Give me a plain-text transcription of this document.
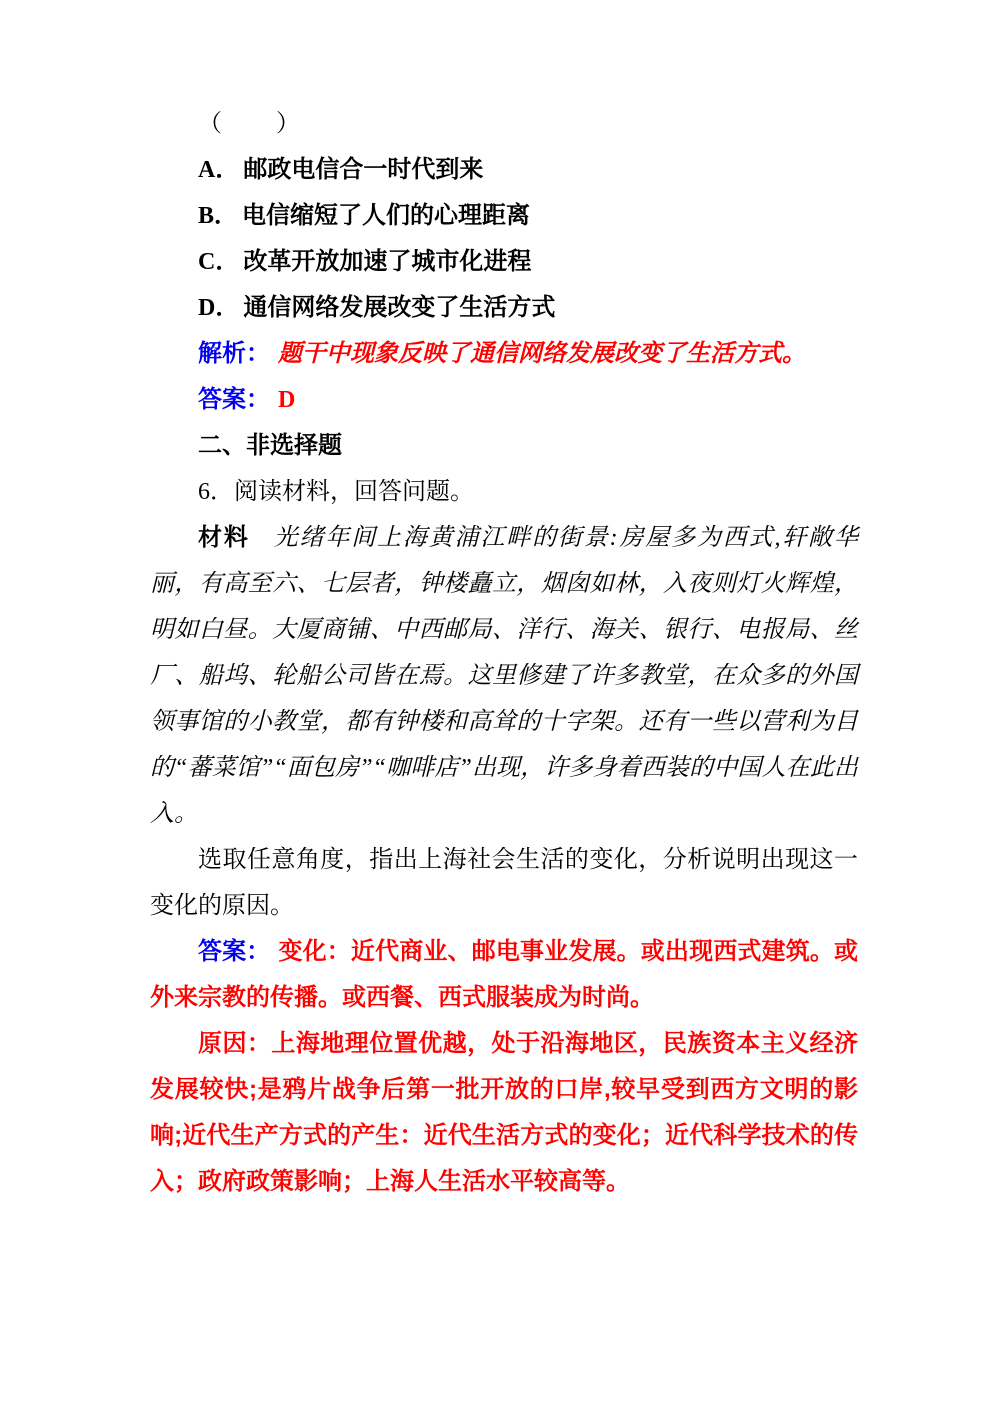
（　　）

A． 邮政电信合一时代到来

B． 电信缩短了人们的心理距离

C． 改革开放加速了城市化进程

D． 通信网络发展改变了生活方式

解析： 题干中现象反映了通信网络发展改变了生活方式。

答案： D

二、非选择题

6．阅读材料，回答问题。

材料 光绪年间上海黄浦江畔的街景:房屋多为西式,轩敞华丽，有高至六、七层者，钟楼矗立，烟囱如林，入夜则灯火辉煌，明如白昼。大厦商铺、中西邮局、洋行、海关、银行、电报局、丝厂、船坞、轮船公司皆在焉。这里修建了许多教堂，在众多的外国领事馆的小教堂，都有钟楼和高耸的十字架。还有一些以营利为目的“蕃菜馆”“面包房”“咖啡店”出现，许多身着西装的中国人在此出入。

选取任意角度，指出上海社会生活的变化，分析说明出现这一变化的原因。

答案： 变化：近代商业、邮电事业发展。或出现西式建筑。或外来宗教的传播。或西餐、西式服装成为时尚。

原因：上海地理位置优越，处于沿海地区，民族资本主义经济发展较快;是鸦片战争后第一批开放的口岸,较早受到西方文明的影响;近代生产方式的产生：近代生活方式的变化；近代科学技术的传入；政府政策影响；上海人生活水平较高等。
